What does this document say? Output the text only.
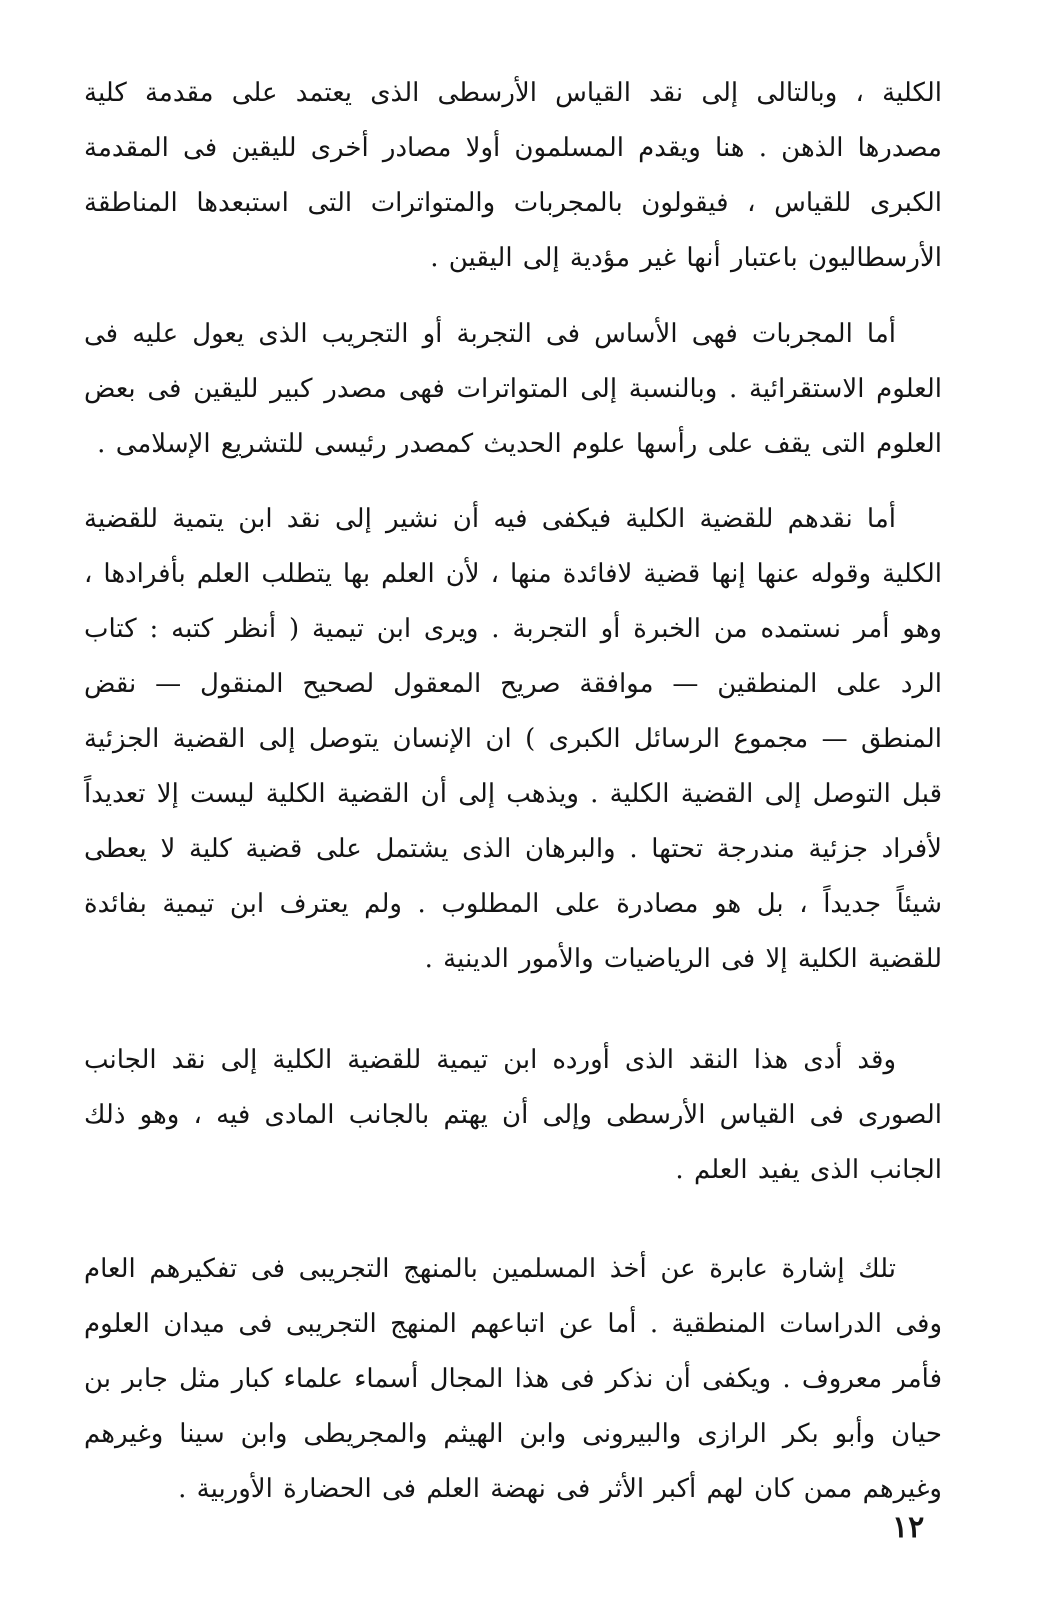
الكلية ، وبالتالى إلى نقد القياس الأرسطى الذى يعتمد على مقدمة كلية مصدرها الذهن . هنا ويقدم المسلمون أولا مصادر أخرى لليقين فى المقدمة الكبرى للقياس ، فيقولون بالمجربات والمتواترات التى استبعدها المناطقة الأرسطاليون باعتبار أنها غير مؤدية إلى اليقين .

أما المجربات فهى الأساس فى التجربة أو التجريب الذى يعول عليه فى العلوم الاستقرائية . وبالنسبة إلى المتواترات فهى مصدر كبير لليقين فى بعض العلوم التى يقف على رأسها علوم الحديث كمصدر رئيسى للتشريع الإسلامى .

أما نقدهم للقضية الكلية فيكفى فيه أن نشير إلى نقد ابن يتمية للقضية الكلية وقوله عنها إنها قضية لافائدة منها ، لأن العلم بها يتطلب العلم بأفرادها ، وهو أمر نستمده من الخبرة أو التجربة . ويرى ابن تيمية ( أنظر كتبه : كتاب الرد على المنطقين — موافقة صريح المعقول لصحيح المنقول — نقض المنطق — مجموع الرسائل الكبرى ) ان الإنسان يتوصل إلى القضية الجزئية قبل التوصل إلى القضية الكلية . ويذهب إلى أن القضية الكلية ليست إلا تعديداً لأفراد جزئية مندرجة تحتها . والبرهان الذى يشتمل على قضية كلية لا يعطى شيئاً جديداً ، بل هو مصادرة على المطلوب . ولم يعترف ابن تيمية بفائدة للقضية الكلية إلا فى الرياضيات والأمور الدينية .

وقد أدى هذا النقد الذى أورده ابن تيمية للقضية الكلية إلى نقد الجانب الصورى فى القياس الأرسطى وإلى أن يهتم بالجانب المادى فيه ، وهو ذلك الجانب الذى يفيد العلم .

تلك إشارة عابرة عن أخذ المسلمين بالمنهج التجريبى فى تفكيرهم العام وفى الدراسات المنطقية . أما عن اتباعهم المنهج التجريبى فى ميدان العلوم فأمر معروف . ويكفى أن نذكر فى هذا المجال أسماء علماء كبار مثل جابر بن حيان وأبو بكر الرازى والبيرونى وابن الهيثم والمجريطى وابن سينا وغيرهم وغيرهم ممن كان لهم أكبر الأثر فى نهضة العلم فى الحضارة الأوربية .

١٢
